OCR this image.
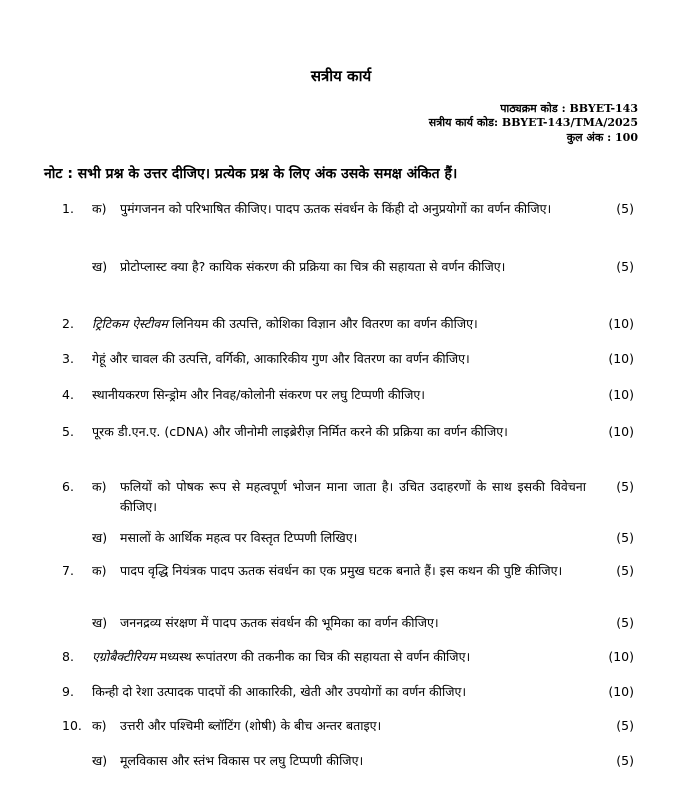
सत्रीय कार्य
पाठ्यक्रम कोड : BBYET-143
सत्रीय कार्य कोड: BBYET-143/TMA/2025
कुल अंक : 100
नोट : सभी प्रश्न के उत्तर दीजिए। प्रत्येक प्रश्न के लिए अंक उसके समक्ष अंकित हैं।
1. क) पुमंगजनन को परिभाषित कीजिए। पादप ऊतक संवर्धन के किंही दो अनुप्रयोगों का वर्णन कीजिए।	(5)
ख) प्रोटोप्लास्ट क्या है? कायिक संकरण की प्रक्रिया का चित्र की सहायता से वर्णन कीजिए।	(5)
2. ट्रिटिकम ऐस्टीवम लिनियम की उत्पत्ति, कोशिका विज्ञान और वितरण का वर्णन कीजिए।	(10)
3. गेहूं और चावल की उत्पत्ति, वर्गिकी, आकारिकीय गुण और वितरण का वर्णन कीजिए।	(10)
4. स्थानीयकरण सिन्ड्रोम और निवह/कोलोनी संकरण पर लघु टिप्पणी कीजिए।	(10)
5. पूरक डी.एन.ए. (cDNA) और जीनोमी लाइब्रेरीज़ निर्मित करने की प्रक्रिया का वर्णन कीजिए।	(10)
6. क) फलियों को पोषक रूप से महत्वपूर्ण भोजन माना जाता है। उचित उदाहरणों के साथ इसकी विवेचना कीजिए।
(5)
ख) मसालों के आर्थिक महत्व पर विस्तृत टिप्पणी लिखिए।	(5)
7. क) पादप वृद्धि नियंत्रक पादप ऊतक संवर्धन का एक प्रमुख घटक बनाते हैं। इस कथन की पुष्टि कीजिए।	(5)
ख) जननद्रव्य संरक्षण में पादप ऊतक संवर्धन की भूमिका का वर्णन कीजिए।	(5)
8. एग्रोबैक्टीरियम मध्यस्थ रूपांतरण की तकनीक का चित्र की सहायता से वर्णन कीजिए।	(10)
9. किन्ही दो रेशा उत्पादक पादपों की आकारिकी, खेती और उपयोगों का वर्णन कीजिए।	(10)
10. क) उत्तरी और पश्चिमी ब्लॉटिंग (शोषी) के बीच अन्तर बताइए।	(5)
ख) मूलविकास और स्तंभ विकास पर लघु टिप्पणी कीजिए।	(5)
